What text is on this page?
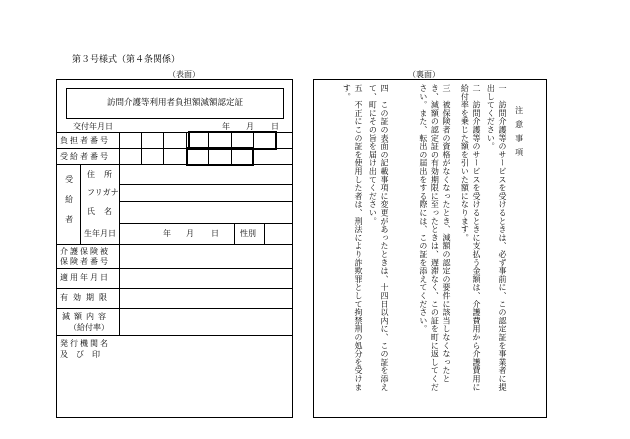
第３号様式（第４条関係）
（表面）
訪問介護等利用者負担額減額認定証
交付年月日	年 月 日
負担者番号
受給者番号
受給者
住所
フリガナ
氏名
生年月日	年 月 日	性別
介護保険被
保険者番号
適用年月日
有効期限
減額内容
（給付率）
発行機関名
及び印
（裏面）
注意事項
一　訪問介護等のサービスを受けるときは、必ず事前に、この認定証を事業者に提出してください。
二　訪問介護等のサービスを受けるときに支払う金額は、介護費用から介護費用に給付率を乗じた額を引いた額になります。
三　被保険者の資格がなくなったとき、減額の認定の要件に該当しなくなったとき、減額の認定証の有効期限に至ったときは、遅滞なく、この証を町に返してください。また、転出の届出をする際には、この証を添えてください。
四　この証の表面の記載事項に変更があったときは、十四日以内に、この証を添えて、町にその旨を届け出てください。
五　不正にこの証を使用した者は、刑法により詐欺罪として拘禁刑の処分を受けます。
